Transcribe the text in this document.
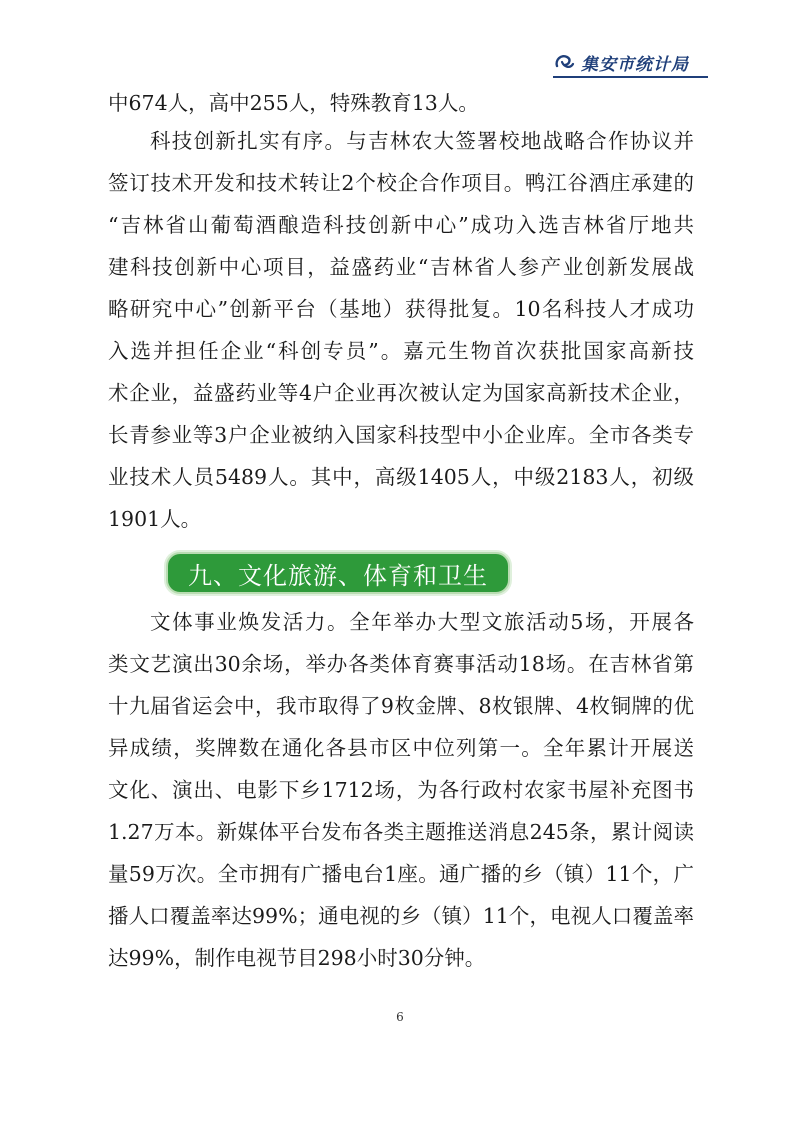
集安市统计局
中674人，高中255人，特殊教育13人。
科技创新扎实有序。与吉林农大签署校地战略合作协议并
签订技术开发和技术转让2个校企合作项目。鸭江谷酒庄承建的
“吉林省山葡萄酒酿造科技创新中心”成功入选吉林省厅地共
建科技创新中心项目，益盛药业“吉林省人参产业创新发展战
略研究中心”创新平台（基地）获得批复。10名科技人才成功
入选并担任企业“科创专员”。嘉元生物首次获批国家高新技
术企业，益盛药业等4户企业再次被认定为国家高新技术企业，
长青参业等3户企业被纳入国家科技型中小企业库。全市各类专
业技术人员5489人。其中，高级1405人，中级2183人，初级
1901人。
九、文化旅游、体育和卫生
文体事业焕发活力。全年举办大型文旅活动5场，开展各
类文艺演出30余场，举办各类体育赛事活动18场。在吉林省第
十九届省运会中，我市取得了9枚金牌、8枚银牌、4枚铜牌的优
异成绩，奖牌数在通化各县市区中位列第一。全年累计开展送
文化、演出、电影下乡1712场，为各行政村农家书屋补充图书
1.27万本。新媒体平台发布各类主题推送消息245条，累计阅读
量59万次。全市拥有广播电台1座。通广播的乡（镇）11个，广
播人口覆盖率达99%；通电视的乡（镇）11个，电视人口覆盖率
达99%，制作电视节目298小时30分钟。
6
